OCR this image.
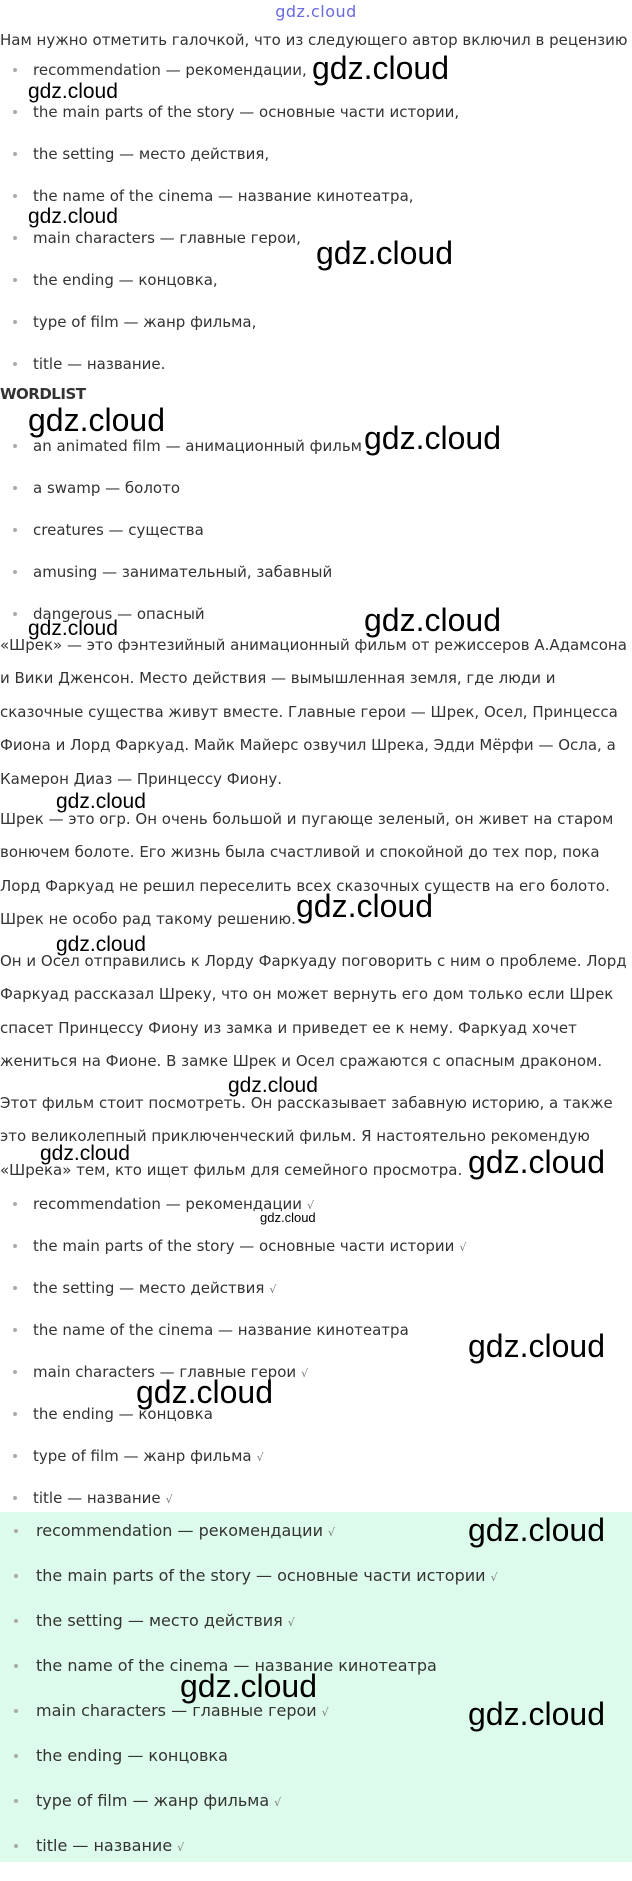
gdz.cloud
Нам нужно отметить галочкой, что из следующего автор включил в рецензию
recommendation — рекомендации,
the main parts of the story — основные части истории,
the setting — место действия,
the name of the cinema — название кинотеатра,
main characters — главные герои,
the ending — концовка,
type of film — жанр фильма,
title — название.
WORDLIST
an animated film — анимационный фильм
a swamp — болото
creatures — существа
amusing — занимательный, забавный
dangerous — опасный

«Шрек» — это фэнтезийный анимационный фильм от режиссеров А.Адамсона и Вики Дженсон. Место действия — вымышленная земля, где люди и сказочные существа живут вместе. Главные герои — Шрек, Осел, Принцесса Фиона и Лорд Фаркуад. Майк Майерс озвучил Шрека, Эдди Мёрфи — Осла, а Камерон Диаз — Принцессу Фиону.

Шрек — это огр. Он очень большой и пугающе зеленый, он живет на старом вонючем болоте. Его жизнь была счастливой и спокойной до тех пор, пока Лорд Фаркуад не решил переселить всех сказочных существ на его болото. Шрек не особо рад такому решению.

Он и Осел отправились к Лорду Фаркуаду поговорить с ним о проблеме. Лорд Фаркуад рассказал Шреку, что он может вернуть его дом только если Шрек спасет Принцессу Фиону из замка и приведет ее к нему. Фаркуад хочет жениться на Фионе. В замке Шрек и Осел сражаются с опасным драконом.

Этот фильм стоит посмотреть. Он рассказывает забавную историю, а также это великолепный приключенческий фильм. Я настоятельно рекомендую «Шрека» тем, кто ищет фильм для семейного просмотра.

recommendation — рекомендации √
the main parts of the story — основные части истории √
the setting — место действия √
the name of the cinema — название кинотеатра
main characters — главные герои √
the ending — концовка
type of film — жанр фильма √
title — название √
recommendation — рекомендации √
the main parts of the story — основные части истории √
the setting — место действия √
the name of the cinema — название кинотеатра
main characters — главные герои √
the ending — концовка
type of film — жанр фильма √
title — название √
gdz.cloud
gdz.cloud
gdz.cloud
gdz.cloud
gdz.cloud	gdz.cloud
gdz.cloud	gdz.cloud
gdz.cloud
gdz.cloud
gdz.cloud
gdz.cloud
gdz.cloud	gdz.cloud
gdz.cloud
gdz.cloud
gdz.cloud
gdz.cloud
gdz.cloud
gdz.cloud
